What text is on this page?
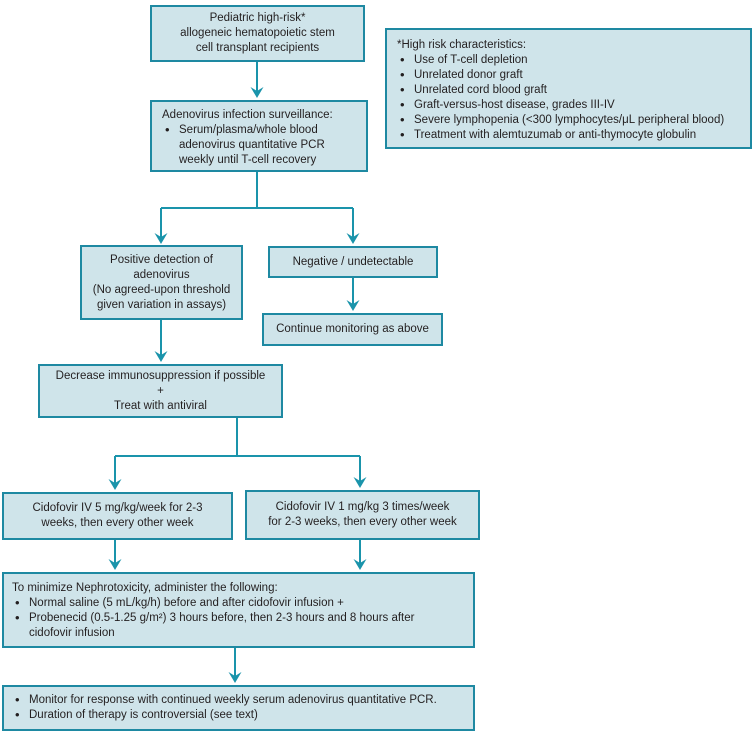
Pediatric high-risk*
allogeneic hematopoietic stem
cell transplant recipients	*High risk characteristics:
• Use of T-cell depletion
• Unrelated donor graft
• Unrelated cord blood graft
• Graft-versus-host disease, grades III-IV
• Severe lymphopenia (<300 lymphocytes/μL peripheral blood)
• Treatment with alemtuzumab or anti-thymocyte globulin
Adenovirus infection surveillance:
• Serum/plasma/whole blood adenovirus quantitative PCR weekly until T-cell recovery
Positive detection of
adenovirus
(No agreed-upon threshold
given variation in assays)
Negative / undetectable
Continue monitoring as above
Decrease immunosuppression if possible
+
Treat with antiviral
Cidofovir IV 5 mg/kg/week for 2-3
weeks, then every other week
Cidofovir IV 1 mg/kg 3 times/week
for 2-3 weeks, then every other week
To minimize Nephrotoxicity, administer the following:
• Normal saline (5 mL/kg/h) before and after cidofovir infusion +
• Probenecid (0.5-1.25 g/m²) 3 hours before, then 2-3 hours and 8 hours after
cidofovir infusion
• Monitor for response with continued weekly serum adenovirus quantitative PCR.
• Duration of therapy is controversial (see text)
